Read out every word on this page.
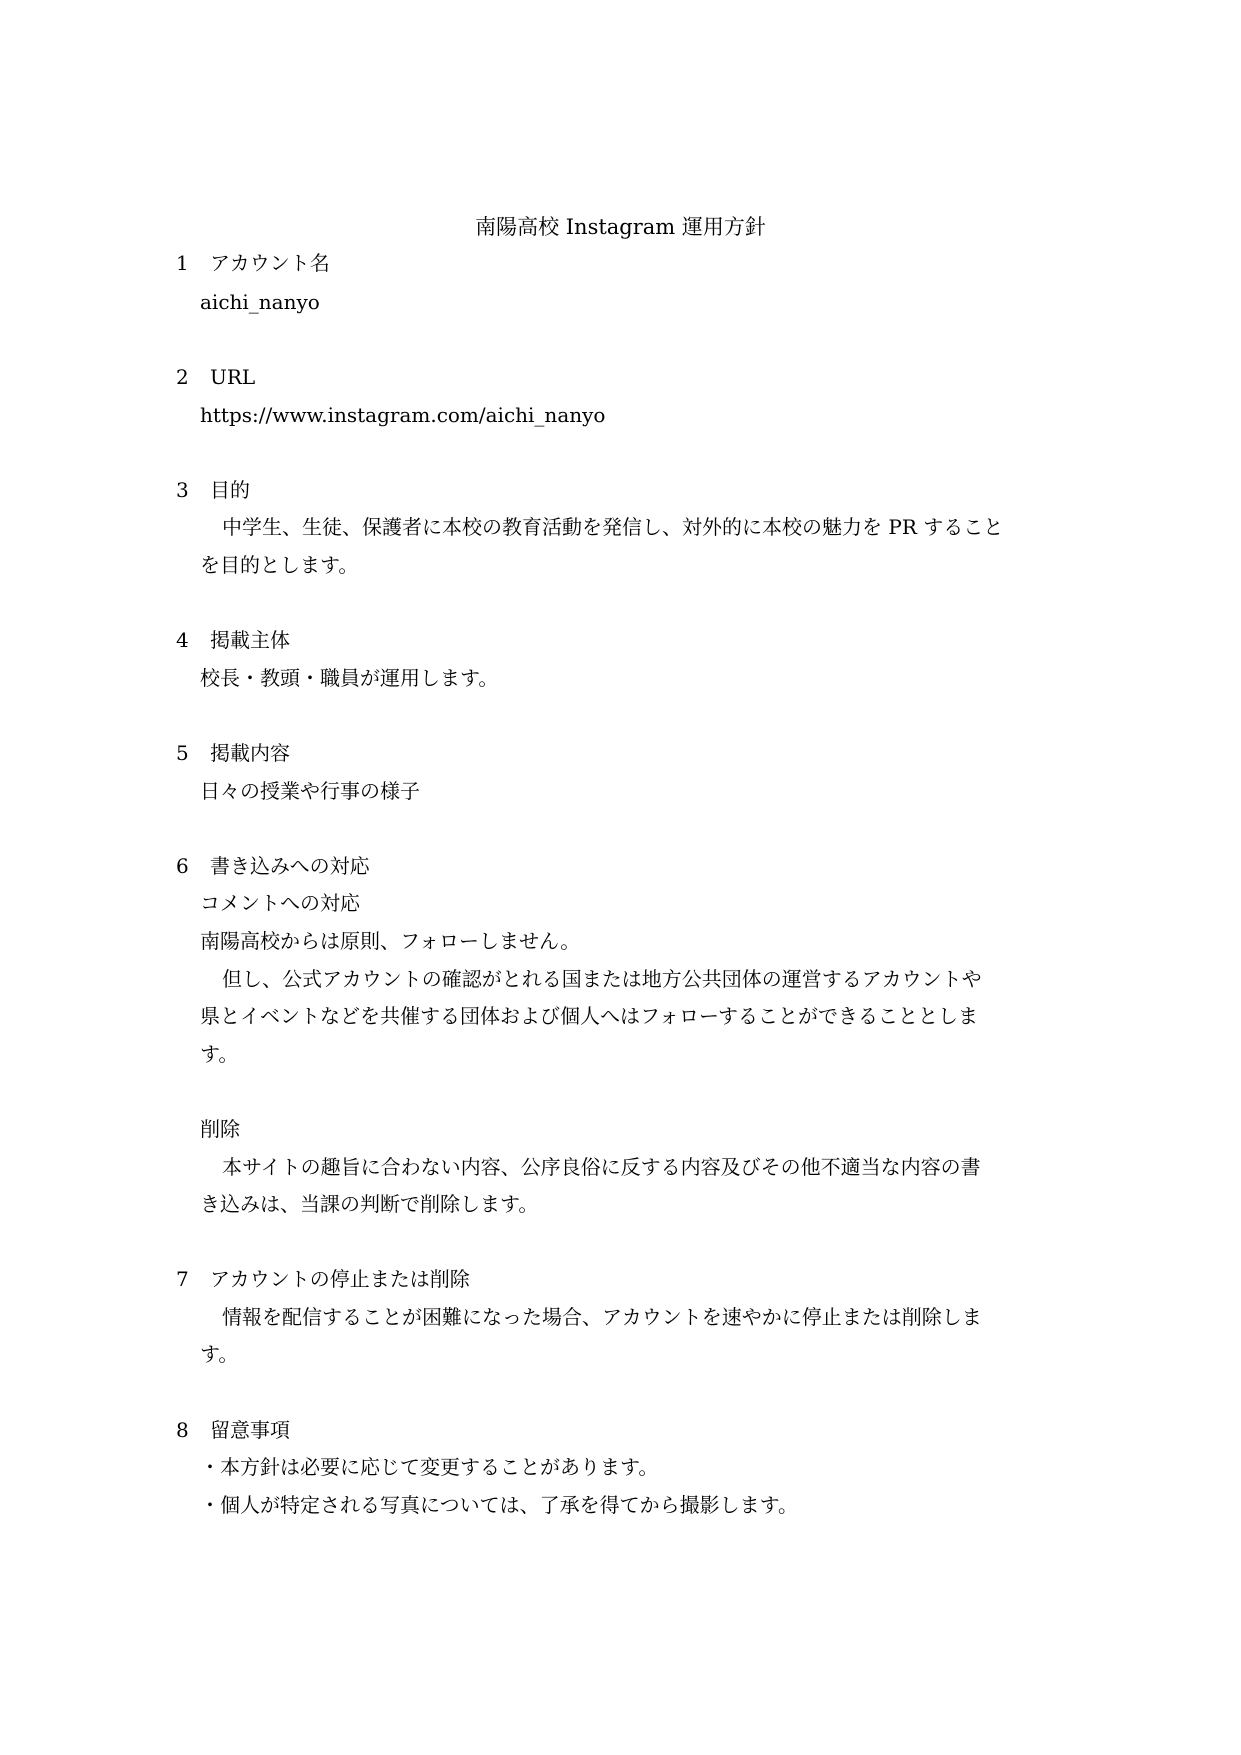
南陽高校 Instagram 運用方針
1 アカウント名
aichi_nanyo
2 URL
https://www.instagram.com/aichi_nanyo
3 目的
中学生、生徒、保護者に本校の教育活動を発信し、対外的に本校の魅力を PR すること
を目的とします。
4 掲載主体
校長・教頭・職員が運用します。
5 掲載内容
日々の授業や行事の様子
6 書き込みへの対応
コメントへの対応
南陽高校からは原則、フォローしません。
但し、公式アカウントの確認がとれる国または地方公共団体の運営するアカウントや
県とイベントなどを共催する団体および個人へはフォローすることができることとしま
す。
削除
本サイトの趣旨に合わない内容、公序良俗に反する内容及びその他不適当な内容の書
き込みは、当課の判断で削除します。
7 アカウントの停止または削除
情報を配信することが困難になった場合、アカウントを速やかに停止または削除しま
す。
8 留意事項
・本方針は必要に応じて変更することがあります。
・個人が特定される写真については、了承を得てから撮影します。
